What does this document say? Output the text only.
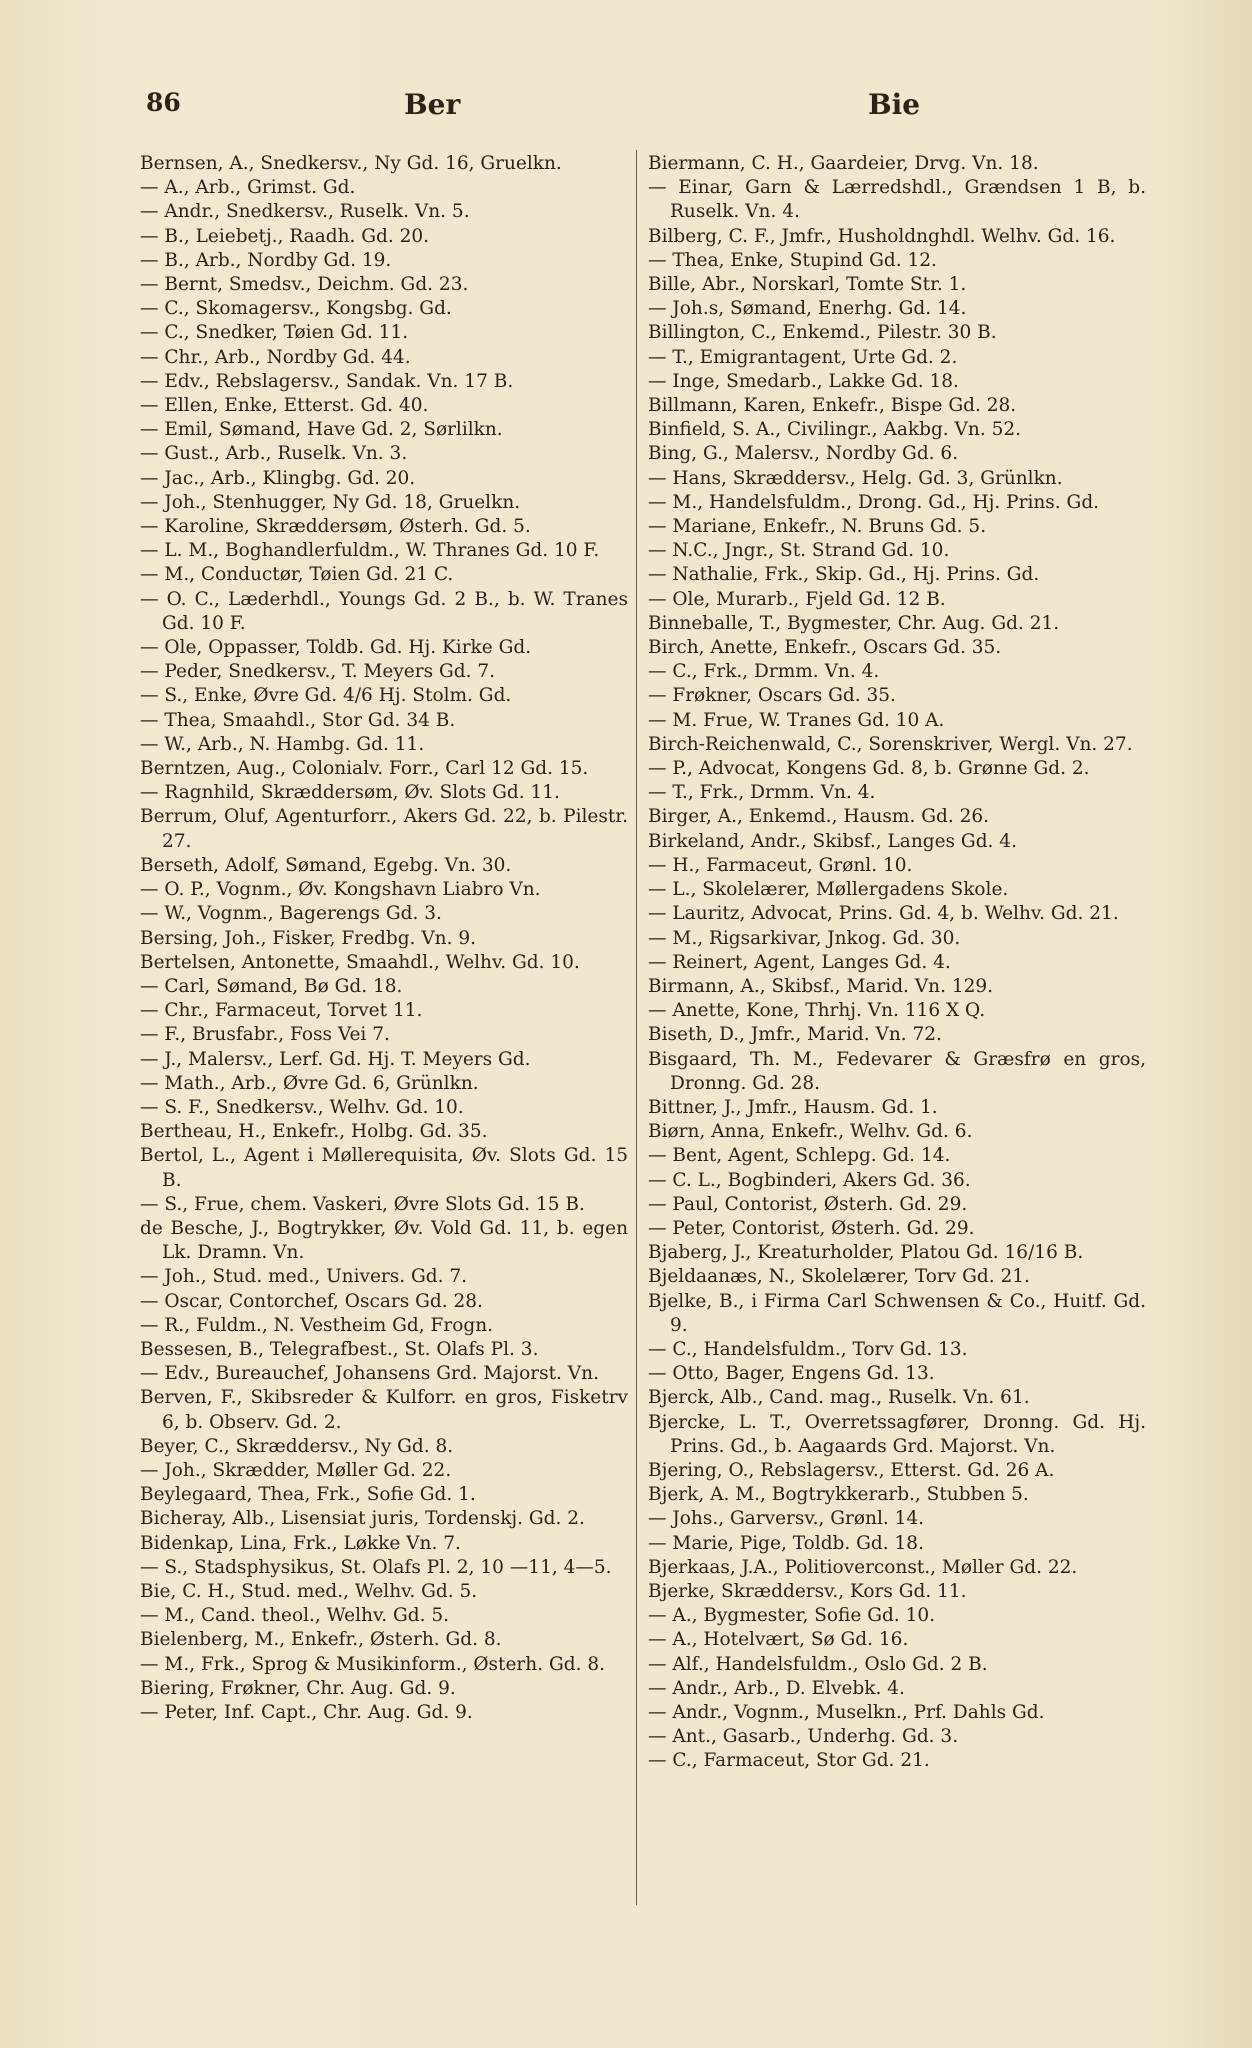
86	Ber	Bie
Bernsen, A., Snedkersv., Ny Gd. 16, Gruelkn.
— A., Arb., Grimst. Gd.
— Andr., Snedkersv., Ruselk. Vn. 5.
— B., Leiebetj., Raadh. Gd. 20.
— B., Arb., Nordby Gd. 19.
— Bernt, Smedsv., Deichm. Gd. 23.
— C., Skomagersv., Kongsbg. Gd.
— C., Snedker, Tøien Gd. 11.
— Chr., Arb., Nordby Gd. 44.
— Edv., Rebslagersv., Sandak. Vn. 17 B.
— Ellen, Enke, Etterst. Gd. 40.
— Emil, Sømand, Have Gd. 2, Sørlilkn.
— Gust., Arb., Ruselk. Vn. 3.
— Jac., Arb., Klingbg. Gd. 20.
— Joh., Stenhugger, Ny Gd. 18, Gruelkn.
— Karoline, Skræddersøm, Østerh. Gd. 5.
— L. M., Boghandlerfuldm., W. Thranes Gd. 10 F.
— M., Conductør, Tøien Gd. 21 C.
— O. C., Læderhdl., Youngs Gd. 2 B., b. W. Tranes Gd. 10 F.
— Ole, Oppasser, Toldb. Gd. Hj. Kirke Gd.
— Peder, Snedkersv., T. Meyers Gd. 7.
— S., Enke, Øvre Gd. 4/6 Hj. Stolm. Gd.
— Thea, Smaahdl., Stor Gd. 34 B.
— W., Arb., N. Hambg. Gd. 11.
Berntzen, Aug., Colonialv. Forr., Carl 12 Gd. 15.
— Ragnhild, Skræddersøm, Øv. Slots Gd. 11.
Berrum, Oluf, Agenturforr., Akers Gd. 22, b. Pilestr. 27.
Berseth, Adolf, Sømand, Egebg. Vn. 30.
— O. P., Vognm., Øv. Kongshavn Liabro Vn.
— W., Vognm., Bagerengs Gd. 3.
Bersing, Joh., Fisker, Fredbg. Vn. 9.
Bertelsen, Antonette, Smaahdl., Welhv. Gd. 10.
— Carl, Sømand, Bø Gd. 18.
— Chr., Farmaceut, Torvet 11.
— F., Brusfabr., Foss Vei 7.
— J., Malersv., Lerf. Gd. Hj. T. Meyers Gd.
— Math., Arb., Øvre Gd. 6, Grünlkn.
— S. F., Snedkersv., Welhv. Gd. 10.
Bertheau, H., Enkefr., Holbg. Gd. 35.
Bertol, L., Agent i Møllerequisita, Øv. Slots Gd. 15 B.
— S., Frue, chem. Vaskeri, Øvre Slots Gd. 15 B.
de Besche, J., Bogtrykker, Øv. Vold Gd. 11, b. egen Lk. Dramn. Vn.
— Joh., Stud. med., Univers. Gd. 7.
— Oscar, Contorchef, Oscars Gd. 28.
— R., Fuldm., N. Vestheim Gd, Frogn.
Bessesen, B., Telegrafbest., St. Olafs Pl. 3.
— Edv., Bureauchef, Johansens Grd. Majorst. Vn.
Berven, F., Skibsreder & Kulforr. en gros, Fisketrv 6, b. Observ. Gd. 2.
Beyer, C., Skræddersv., Ny Gd. 8.
— Joh., Skrædder, Møller Gd. 22.
Beylegaard, Thea, Frk., Sofie Gd. 1.
Bicheray, Alb., Lisensiat juris, Tordenskj. Gd. 2.
Bidenkap, Lina, Frk., Løkke Vn. 7.
— S., Stadsphysikus, St. Olafs Pl. 2, 10 —11, 4—5.
Bie, C. H., Stud. med., Welhv. Gd. 5.
— M., Cand. theol., Welhv. Gd. 5.
Bielenberg, M., Enkefr., Østerh. Gd. 8.
— M., Frk., Sprog & Musikinform., Østerh. Gd. 8.
Biering, Frøkner, Chr. Aug. Gd. 9.
— Peter, Inf. Capt., Chr. Aug. Gd. 9.
Biermann, C. H., Gaardeier, Drvg. Vn. 18.
— Einar, Garn & Lærredshdl., Grændsen 1 B, b. Ruselk. Vn. 4.
Bilberg, C. F., Jmfr., Husholdnghdl. Welhv. Gd. 16.
— Thea, Enke, Stupind Gd. 12.
Bille, Abr., Norskarl, Tomte Str. 1.
— Joh.s, Sømand, Enerhg. Gd. 14.
Billington, C., Enkemd., Pilestr. 30 B.
— T., Emigrantagent, Urte Gd. 2.
— Inge, Smedarb., Lakke Gd. 18.
Billmann, Karen, Enkefr., Bispe Gd. 28.
Binfield, S. A., Civilingr., Aakbg. Vn. 52.
Bing, G., Malersv., Nordby Gd. 6.
— Hans, Skræddersv., Helg. Gd. 3, Grünlkn.
— M., Handelsfuldm., Drong. Gd., Hj. Prins. Gd.
— Mariane, Enkefr., N. Bruns Gd. 5.
— N.C., Jngr., St. Strand Gd. 10.
— Nathalie, Frk., Skip. Gd., Hj. Prins. Gd.
— Ole, Murarb., Fjeld Gd. 12 B.
Binneballe, T., Bygmester, Chr. Aug. Gd. 21.
Birch, Anette, Enkefr., Oscars Gd. 35.
— C., Frk., Drmm. Vn. 4.
— Frøkner, Oscars Gd. 35.
— M. Frue, W. Tranes Gd. 10 A.
Birch-Reichenwald, C., Sorenskriver, Wergl. Vn. 27.
— P., Advocat, Kongens Gd. 8, b. Grønne Gd. 2.
— T., Frk., Drmm. Vn. 4.
Birger, A., Enkemd., Hausm. Gd. 26.
Birkeland, Andr., Skibsf., Langes Gd. 4.
— H., Farmaceut, Grønl. 10.
— L., Skolelærer, Møllergadens Skole.
— Lauritz, Advocat, Prins. Gd. 4, b. Welhv. Gd. 21.
— M., Rigsarkivar, Jnkog. Gd. 30.
— Reinert, Agent, Langes Gd. 4.
Birmann, A., Skibsf., Marid. Vn. 129.
— Anette, Kone, Thrhj. Vn. 116 X Q.
Biseth, D., Jmfr., Marid. Vn. 72.
Bisgaard, Th. M., Fedevarer & Græsfrø en gros, Dronng. Gd. 28.
Bittner, J., Jmfr., Hausm. Gd. 1.
Biørn, Anna, Enkefr., Welhv. Gd. 6.
— Bent, Agent, Schlepg. Gd. 14.
— C. L., Bogbinderi, Akers Gd. 36.
— Paul, Contorist, Østerh. Gd. 29.
— Peter, Contorist, Østerh. Gd. 29.
Bjaberg, J., Kreaturholder, Platou Gd. 16/16 B.
Bjeldaanæs, N., Skolelærer, Torv Gd. 21.
Bjelke, B., i Firma Carl Schwensen & Co., Huitf. Gd. 9.
— C., Handelsfuldm., Torv Gd. 13.
— Otto, Bager, Engens Gd. 13.
Bjerck, Alb., Cand. mag., Ruselk. Vn. 61.
Bjercke, L. T., Overretssagfører, Dronng. Gd. Hj. Prins. Gd., b. Aagaards Grd. Majorst. Vn.
Bjering, O., Rebslagersv., Etterst. Gd. 26 A.
Bjerk, A. M., Bogtrykkerarb., Stubben 5.
— Johs., Garversv., Grønl. 14.
— Marie, Pige, Toldb. Gd. 18.
Bjerkaas, J.A., Politioverconst., Møller Gd. 22.
Bjerke, Skræddersv., Kors Gd. 11.
— A., Bygmester, Sofie Gd. 10.
— A., Hotelvært, Sø Gd. 16.
— Alf., Handelsfuldm., Oslo Gd. 2 B.
— Andr., Arb., D. Elvebk. 4.
— Andr., Vognm., Muselkn., Prf. Dahls Gd.
— Ant., Gasarb., Underhg. Gd. 3.
— C., Farmaceut, Stor Gd. 21.
